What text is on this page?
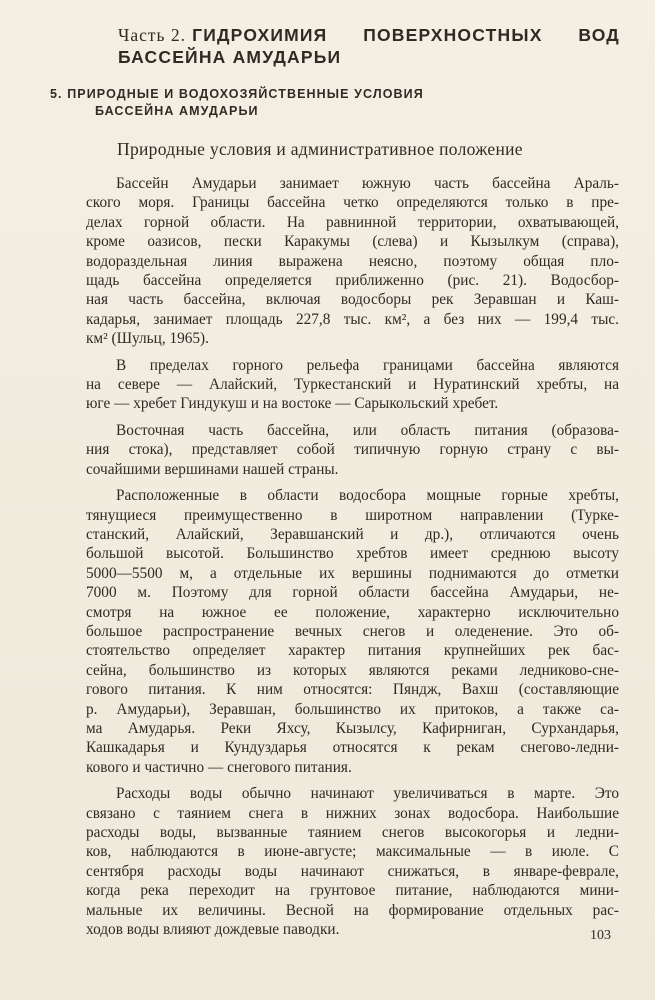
Часть 2. ГИДРОХИМИЯ ПОВЕРХНОСТНЫХ ВОД
БАССЕЙНА АМУДАРЬИ
5. ПРИРОДНЫЕ И ВОДОХОЗЯЙСТВЕННЫЕ УСЛОВИЯ
БАССЕЙНА АМУДАРЬИ
Природные условия и административное положение
Бассейн Амударьи занимает южную часть бассейна Араль-
ского моря. Границы бассейна четко определяются только в пре-
делах горной области. На равнинной территории, охватывающей,
кроме оазисов, пески Каракумы (слева) и Кызылкум (справа),
водораздельная линия выражена неясно, поэтому общая пло-
щадь бассейна определяется приближенно (рис. 21). Водосбор-
ная часть бассейна, включая водосборы рек Зеравшан и Каш-
кадарья, занимает площадь 227,8 тыс. км², а без них — 199,4 тыс.
км² (Шульц, 1965).
В пределах горного рельефа границами бассейна являются
на севере — Алайский, Туркестанский и Нуратинский хребты, на
юге — хребет Гиндукуш и на востоке — Сарыкольский хребет.
Восточная часть бассейна, или область питания (образова-
ния стока), представляет собой типичную горную страну с вы-
сочайшими вершинами нашей страны.
Расположенные в области водосбора мощные горные хребты,
тянущиеся преимущественно в широтном направлении (Турке-
станский, Алайский, Зеравшанский и др.), отличаются очень
большой высотой. Большинство хребтов имеет среднюю высоту
5000—5500 м, а отдельные их вершины поднимаются до отметки
7000 м. Поэтому для горной области бассейна Амударьи, не-
смотря на южное ее положение, характерно исключительно
большое распространение вечных снегов и оледенение. Это об-
стоятельство определяет характер питания крупнейших рек бас-
сейна, большинство из которых являются реками ледниково-сне-
гового питания. К ним относятся: Пяндж, Вахш (составляющие
р. Амударьи), Зеравшан, большинство их притоков, а также са-
ма Амударья. Реки Яхсу, Кызылсу, Кафирниган, Сурхандарья,
Кашкадарья и Кундуздарья относятся к рекам снегово-ледни-
кового и частично — снегового питания.
Расходы воды обычно начинают увеличиваться в марте. Это
связано с таянием снега в нижних зонах водосбора. Наибольшие
расходы воды, вызванные таянием снегов высокогорья и ледни-
ков, наблюдаются в июне-августе; максимальные — в июле. С
сентября расходы воды начинают снижаться, в январе-феврале,
когда река переходит на грунтовое питание, наблюдаются мини-
мальные их величины. Весной на формирование отдельных рас-
ходов воды влияют дождевые паводки.	103
